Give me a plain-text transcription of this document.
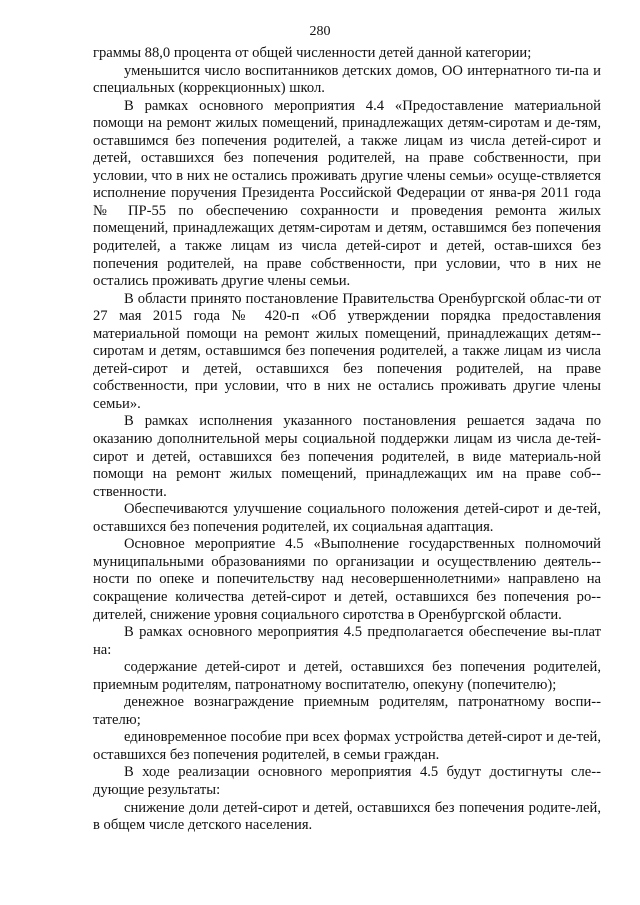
280

граммы 88,0 процента от общей численности детей данной категории;

уменьшится число воспитанников детских домов, ОО интернатного ти-па и специальных (коррекционных) школ.

В рамках основного мероприятия 4.4 «Предоставление материальной помощи на ремонт жилых помещений, принадлежащих детям-сиротам и де-тям, оставшимся без попечения родителей, а также лицам из числа детей-сирот и детей, оставшихся без попечения родителей, на праве собственности, при условии, что в них не остались проживать другие члены семьи» осуще-ствляется исполнение поручения Президента Российской Федерации от янва-ря 2011 года № ПР-55 по обеспечению сохранности и проведения ремонта жилых помещений, принадлежащих детям-сиротам и детям, оставшимся без попечения родителей, а также лицам из числа детей-сирот и детей, остав-шихся без попечения родителей, на праве собственности, при условии, что в них не остались проживать другие члены семьи.

В области принято постановление Правительства Оренбургской облас-ти от 27 мая 2015 года № 420-п «Об утверждении порядка предоставления материальной помощи на ремонт жилых помещений, принадлежащих детям-сиротам и детям, оставшимся без попечения родителей, а также лицам из числа детей-сирот и детей, оставшихся без попечения родителей, на праве собственности, при условии, что в них не остались проживать другие члены семьи».

В рамках исполнения указанного постановления решается задача по оказанию дополнительной меры социальной поддержки лицам из числа де-тей-сирот и детей, оставшихся без попечения родителей, в виде материаль-ной помощи на ремонт жилых помещений, принадлежащих им на праве соб-ственности.

Обеспечиваются улучшение социального положения детей-сирот и де-тей, оставшихся без попечения родителей, их социальная адаптация.

Основное мероприятие 4.5 «Выполнение государственных полномочий муниципальными образованиями по организации и осуществлению деятель-ности по опеке и попечительству над несовершеннолетними» направлено на сокращение количества детей-сирот и детей, оставшихся без попечения ро-дителей, снижение уровня социального сиротства в Оренбургской области.

В рамках основного мероприятия 4.5 предполагается обеспечение вы-плат на:

содержание детей-сирот и детей, оставшихся без попечения родителей, приемным родителям, патронатному воспитателю, опекуну (попечителю);

денежное вознаграждение приемным родителям, патронатному воспи-тателю;

единовременное пособие при всех формах устройства детей-сирот и де-тей, оставшихся без попечения родителей, в семьи граждан.

В ходе реализации основного мероприятия 4.5 будут достигнуты сле-дующие результаты:

снижение доли детей-сирот и детей, оставшихся без попечения родите-лей, в общем числе детского населения.
